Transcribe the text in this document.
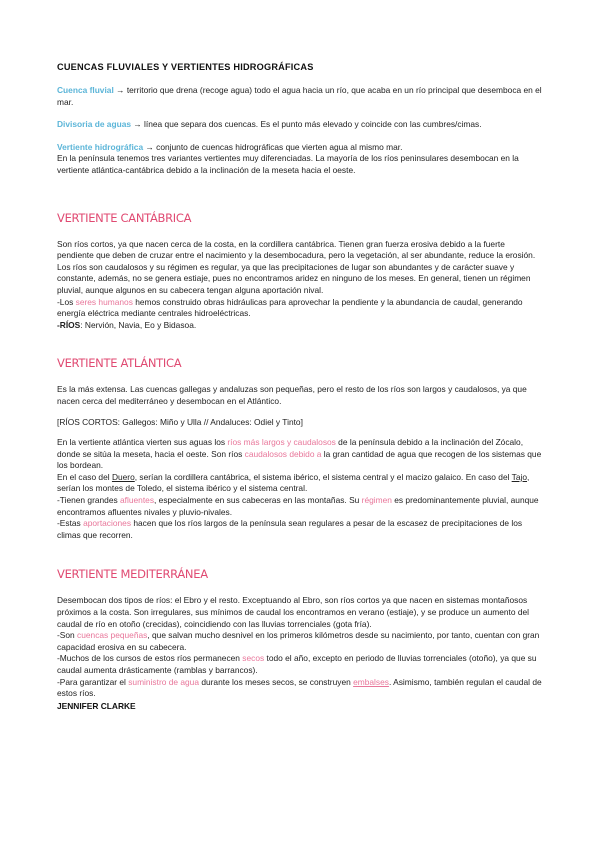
CUENCAS FLUVIALES Y VERTIENTES HIDROGRÁFICAS

Cuenca fluvial → territorio que drena (recoge agua) todo el agua hacia un río, que acaba en un río principal que desemboca en el mar.

Divisoria de aguas → línea que separa dos cuencas. Es el punto más elevado y coincide con las cumbres/cimas.

Vertiente hidrográfica → conjunto de cuencas hidrográficas que vierten agua al mismo mar.

En la península tenemos tres variantes vertientes muy diferenciadas. La mayoría de los ríos peninsulares desembocan en la vertiente atlántica-cantábrica debido a la inclinación de la meseta hacia el oeste.

VERTIENTE CANTÁBRICA

Son ríos cortos, ya que nacen cerca de la costa, en la cordillera cantábrica. Tienen gran fuerza erosiva debido a la fuerte pendiente que deben de cruzar entre el nacimiento y la desembocadura, pero la vegetación, al ser abundante, reduce la erosión. Los ríos son caudalosos y su régimen es regular, ya que las precipitaciones de lugar son abundantes y de carácter suave y constante, además, no se genera estiaje, pues no encontramos aridez en ninguno de los meses. En general, tienen un régimen pluvial, aunque algunos en su cabecera tengan alguna aportación nival.

-Los seres humanos hemos construido obras hidráulicas para aprovechar la pendiente y la abundancia de caudal, generando energía eléctrica mediante centrales hidroeléctricas.

-RÍOS: Nervión, Navia, Eo y Bidasoa.

VERTIENTE ATLÁNTICA

Es la más extensa. Las cuencas gallegas y andaluzas son pequeñas, pero el resto de los ríos son largos y caudalosos, ya que nacen cerca del mediterráneo y desembocan en el Atlántico.

[RÍOS CORTOS: Gallegos: Miño y Ulla // Andaluces: Odiel y Tinto]

En la vertiente atlántica vierten sus aguas los ríos más largos y caudalosos de la península debido a la inclinación del Zócalo, donde se sitúa la meseta, hacia el oeste. Son ríos caudalosos debido a la gran cantidad de agua que recogen de los sistemas que los bordean.

En el caso del Duero, serían la cordillera cantábrica, el sistema ibérico, el sistema central y el macizo galaico. En caso del Tajo, serían los montes de Toledo, el sistema ibérico y el sistema central.

-Tienen grandes afluentes, especialmente en sus cabeceras en las montañas. Su régimen es predominantemente pluvial, aunque encontramos afluentes nivales y pluvio-nivales.

-Estas aportaciones hacen que los ríos largos de la península sean regulares a pesar de la escasez de precipitaciones de los climas que recorren.

VERTIENTE MEDITERRÁNEA

Desembocan dos tipos de ríos: el Ebro y el resto. Exceptuando al Ebro, son ríos cortos ya que nacen en sistemas montañosos próximos a la costa. Son irregulares, sus mínimos de caudal los encontramos en verano (estiaje), y se produce un aumento del caudal de río en otoño (crecidas), coincidiendo con las lluvias torrenciales (gota fría).

-Son cuencas pequeñas, que salvan mucho desnivel en los primeros kilómetros desde su nacimiento, por tanto, cuentan con gran capacidad erosiva en su cabecera.

-Muchos de los cursos de estos ríos permanecen secos todo el año, excepto en periodo de lluvias torrenciales (otoño), ya que su caudal aumenta drásticamente (ramblas y barrancos).

-Para garantizar el suministro de agua durante los meses secos, se construyen embalses. Asimismo, también regulan el caudal de estos ríos.

JENNIFER CLARKE
